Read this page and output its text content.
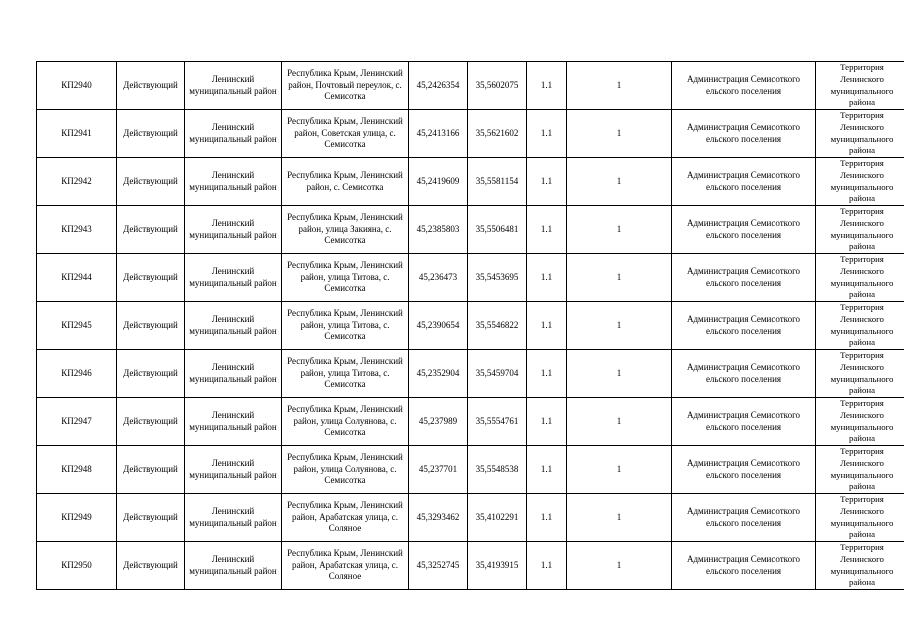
КП2940	Действующий	Ленинский муниципальный район	Республика Крым, Ленинский район, Почтовый переулок, с. Семисотка	45,2426354	35,5602075	1.1	1	Администрация Семисоткого ельского поселения	Территория Ленинского муниципального района
КП2941	Действующий	Ленинский муниципальный район	Республика Крым, Ленинский район, Советская улица, с. Семисотка	45,2413166	35,5621602	1.1	1	Администрация Семисоткого ельского поселения	Территория Ленинского муниципального района
КП2942	Действующий	Ленинский муниципальный район	Республика Крым, Ленинский район, с. Семисотка	45,2419609	35,5581154	1.1	1	Администрация Семисоткого ельского поселения	Территория Ленинского муниципального района
КП2943	Действующий	Ленинский муниципальный район	Республика Крым, Ленинский район, улица Закияна, с. Семисотка	45,2385803	35,5506481	1.1	1	Администрация Семисоткого ельского поселения	Территория Ленинского муниципального района
КП2944	Действующий	Ленинский муниципальный район	Республика Крым, Ленинский район, улица Титова, с. Семисотка	45,236473	35,5453695	1.1	1	Администрация Семисоткого ельского поселения	Территория Ленинского муниципального района
КП2945	Действующий	Ленинский муниципальный район	Республика Крым, Ленинский район, улица Титова, с. Семисотка	45,2390654	35,5546822	1.1	1	Администрация Семисоткого ельского поселения	Территория Ленинского муниципального района
КП2946	Действующий	Ленинский муниципальный район	Республика Крым, Ленинский район, улица Титова, с. Семисотка	45,2352904	35,5459704	1.1	1	Администрация Семисоткого ельского поселения	Территория Ленинского муниципального района
КП2947	Действующий	Ленинский муниципальный район	Республика Крым, Ленинский район, улица Солуянова, с. Семисотка	45,237989	35,5554761	1.1	1	Администрация Семисоткого ельского поселения	Территория Ленинского муниципального района
КП2948	Действующий	Ленинский муниципальный район	Республика Крым, Ленинский район, улица Солуянова, с. Семисотка	45,237701	35,5548538	1.1	1	Администрация Семисоткого ельского поселения	Территория Ленинского муниципального района
КП2949	Действующий	Ленинский муниципальный район	Республика Крым, Ленинский район, Арабатская улица, с. Соляное	45,3293462	35,4102291	1.1	1	Администрация Семисоткого ельского поселения	Территория Ленинского муниципального района
КП2950	Действующий	Ленинский муниципальный район	Республика Крым, Ленинский район, Арабатская улица, с. Соляное	45,3252745	35,4193915	1.1	1	Администрация Семисоткого ельского поселения	Территория Ленинского муниципального района
